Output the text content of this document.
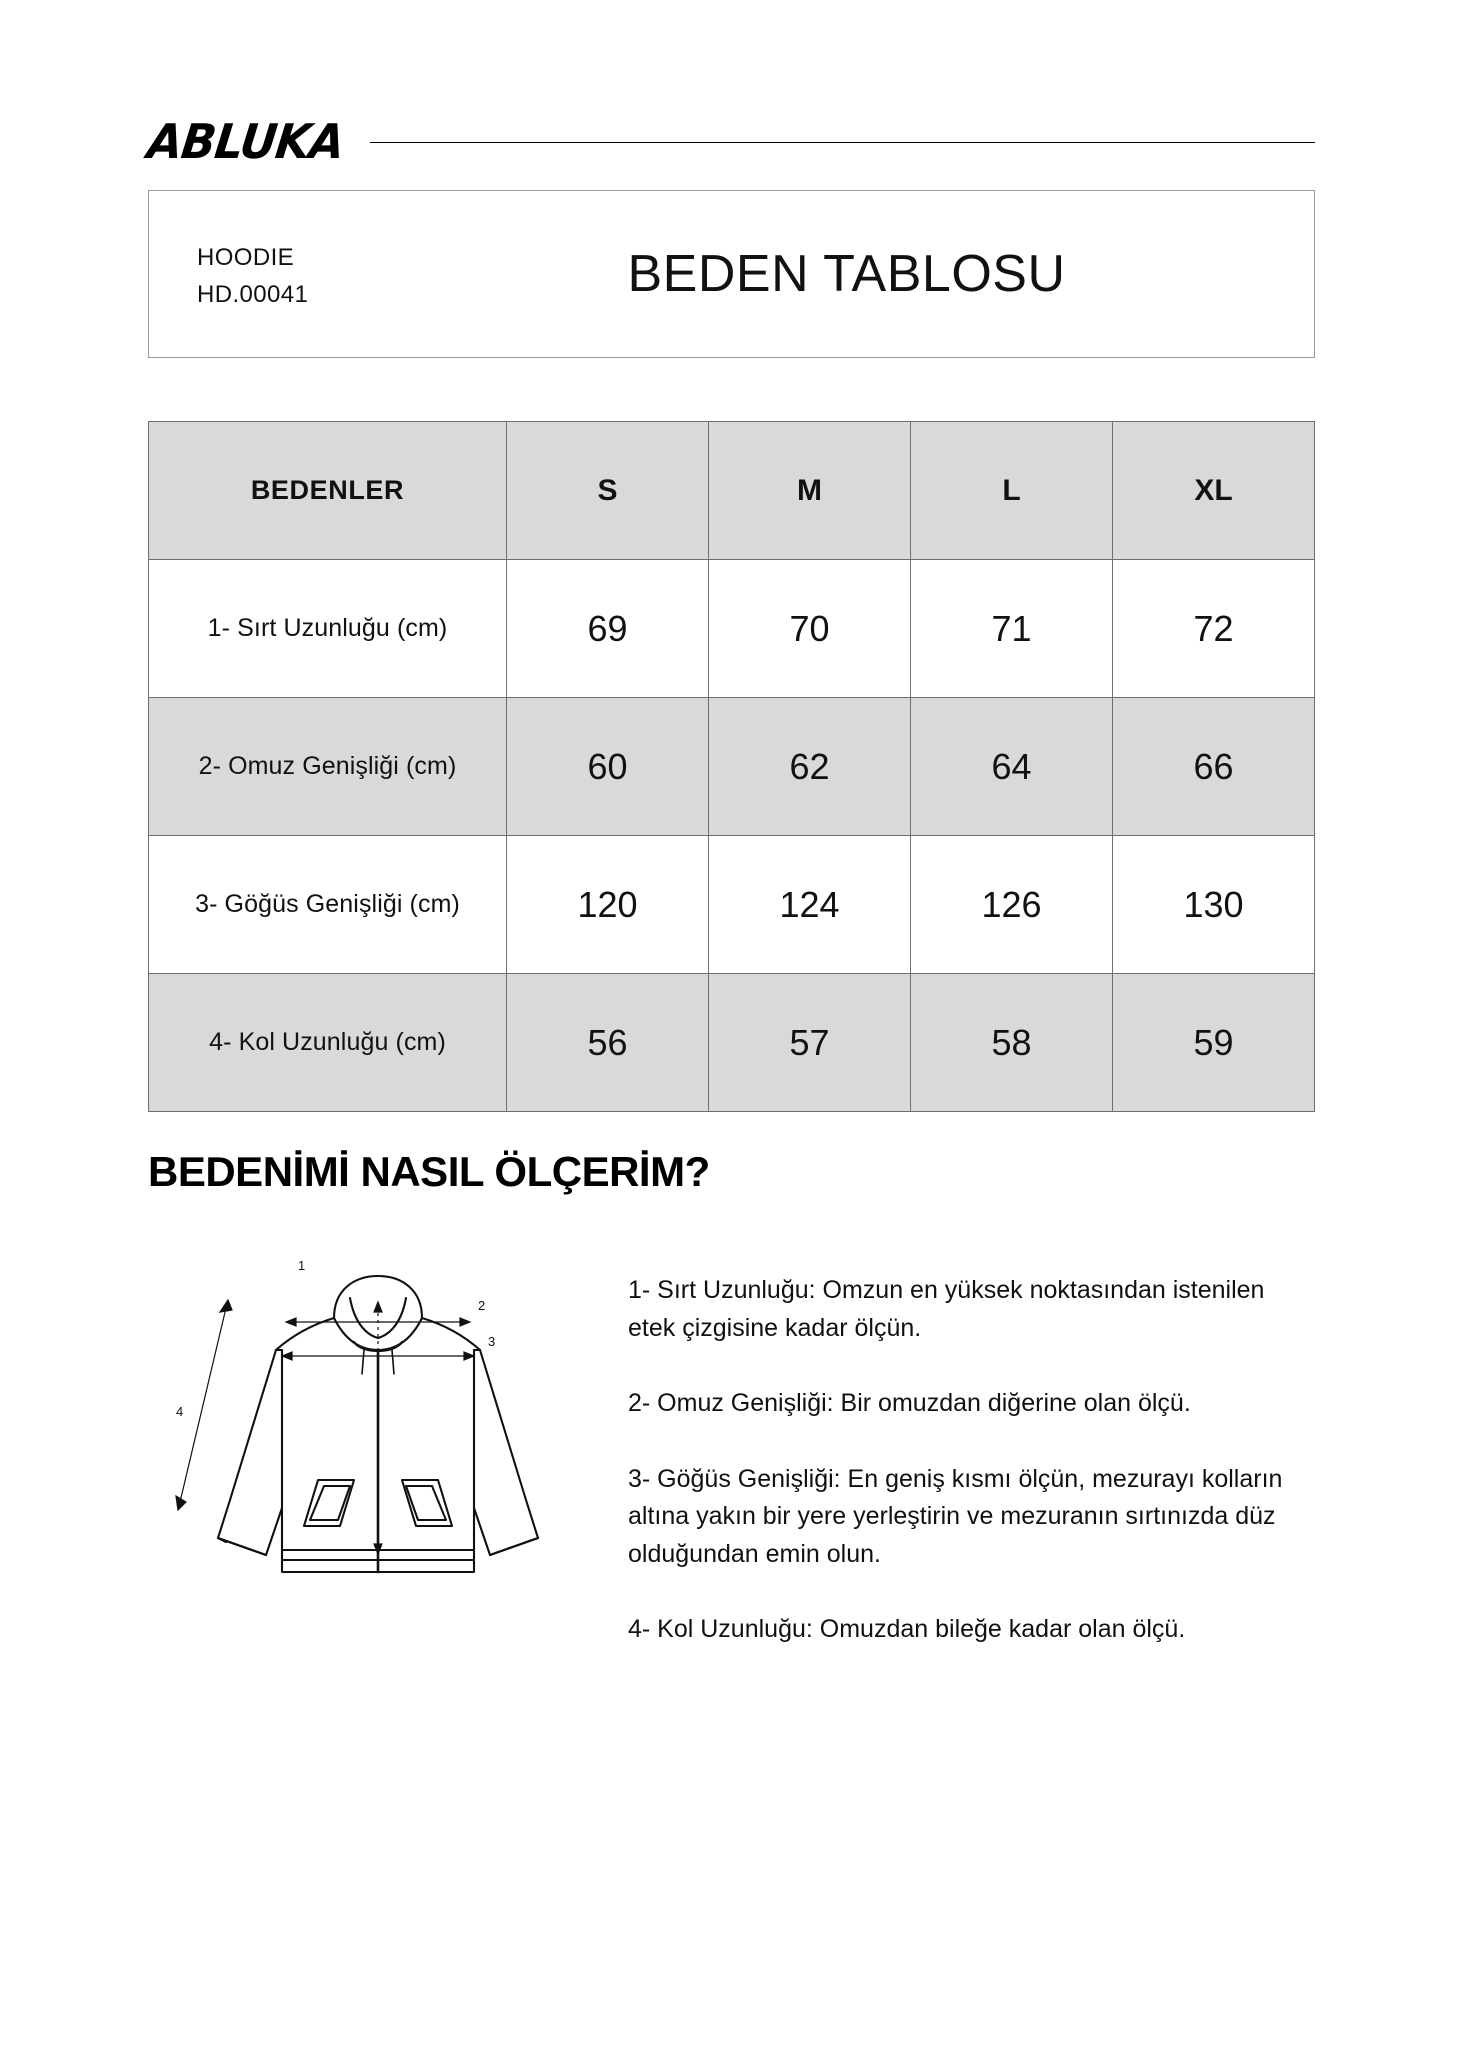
ABLUKA
HOODIE
HD.00041	BEDEN TABLOSU
BEDENLER	S	M	L	XL
1- Sırt Uzunluğu (cm)	69	70	71	72
2- Omuz Genişliği (cm)	60	62	64	66
3- Göğüs Genişliği (cm)	120	124	126	130
4- Kol Uzunluğu (cm)	56	57	58	59
BEDENİMİ NASIL ÖLÇERİM?
1
2
3
4

1- Sırt Uzunluğu: Omzun en yüksek noktasından istenilen etek çizgisine kadar ölçün.

2- Omuz Genişliği: Bir omuzdan diğerine olan ölçü.

3- Göğüs Genişliği: En geniş kısmı ölçün, mezurayı kolların altına yakın bir yere yerleştirin ve mezuranın sırtınızda düz olduğundan emin olun.

4- Kol Uzunluğu: Omuzdan bileğe kadar olan ölçü.
